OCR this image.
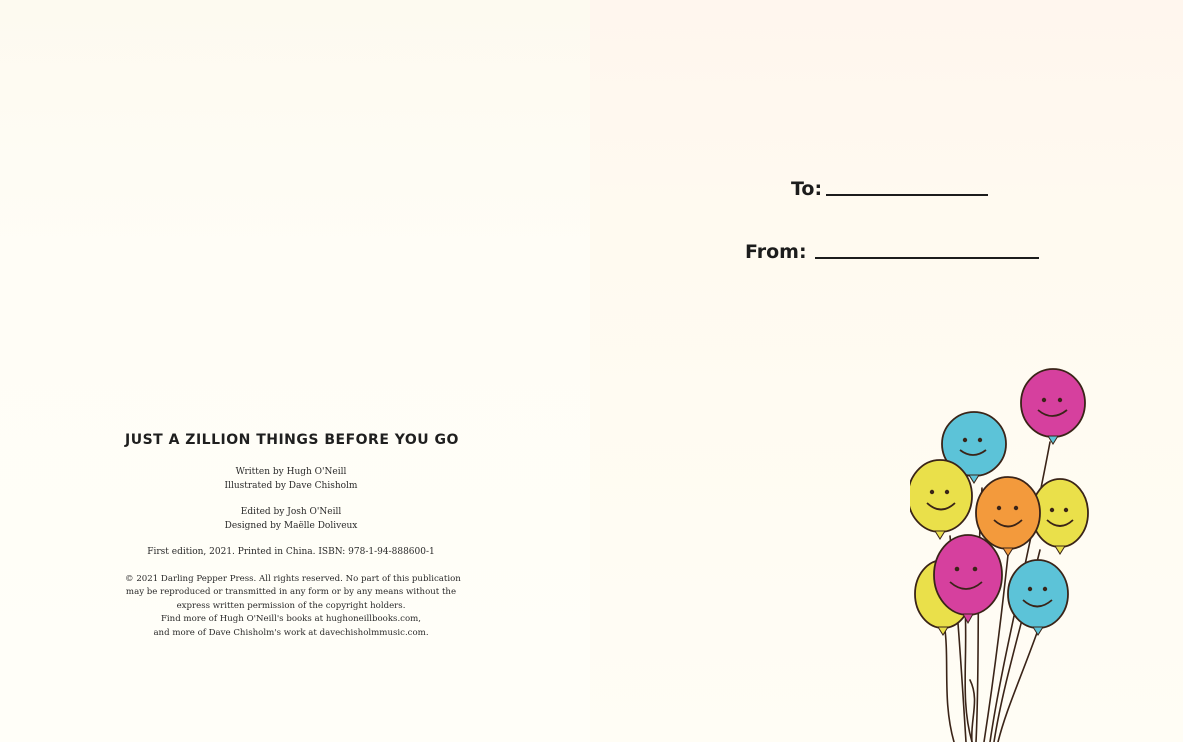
JUST A ZILLION THINGS BEFORE YOU GO
Written by Hugh O'Neill
Illustrated by Dave Chisholm
Edited by Josh O'Neill
Designed by Maëlle Doliveux
First edition, 2021. Printed in China. ISBN: 978-1-94-888600-1
© 2021 Darling Pepper Press. All rights reserved. No part of this publication
may be reproduced or transmitted in any form or by any means without the
express written permission of the copyright holders.
Find more of Hugh O'Neill's books at hughoneillbooks.com,
and more of Dave Chisholm's work at davechisholmmusic.com.
To:
From:
